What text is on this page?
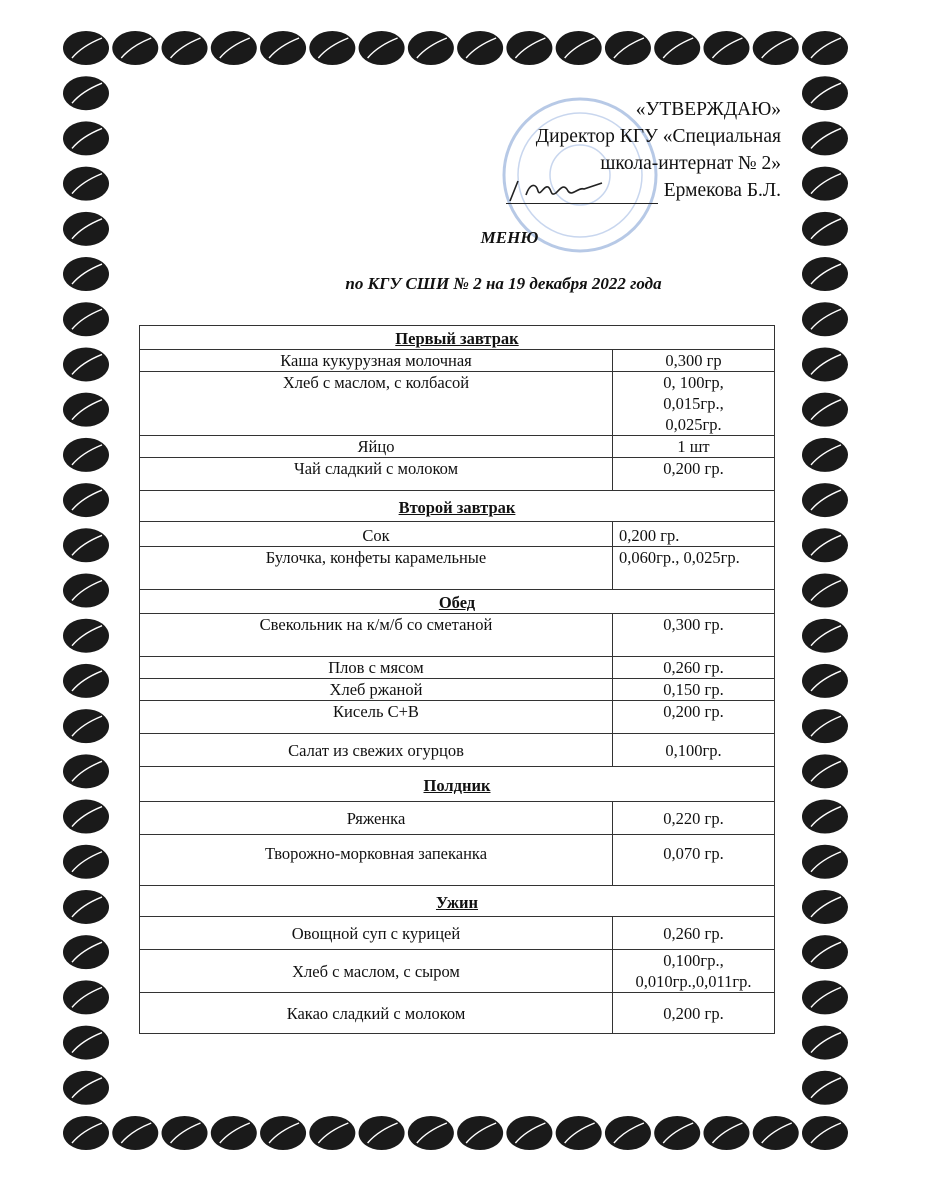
«УТВЕРЖДАЮ»
Директор КГУ «Специальная
школа-интернат № 2»
Ермекова Б.Л.
МЕНЮ
по КГУ СШИ № 2 на 19 декабря 2022 года
Первый завтрак	
Каша кукурузная молочная	0,300 гр
Хлеб с маслом, с колбасой	0, 100гр, 0,015гр., 0,025гр.
Яйцо	1 шт
Чай сладкий с молоком	0,200 гр.
Второй завтрак	
Сок	0,200 гр.
Булочка, конфеты карамельные	0,060гр., 0,025гр.
Обед	
Свекольник на к/м/б со сметаной	0,300 гр.
Плов с мясом	0,260 гр.
Хлеб ржаной	0,150 гр.
Кисель С+В	0,200 гр.
Салат из свежих огурцов	0,100гр.
Полдник	
Ряженка	0,220 гр.
Творожно-морковная запеканка	0,070 гр.
Ужин	
Овощной суп с курицей	0,260 гр.
Хлеб с маслом, с сыром	0,100гр., 0,010гр.,0,011гр.
Какао сладкий с молоком	0,200 гр.
